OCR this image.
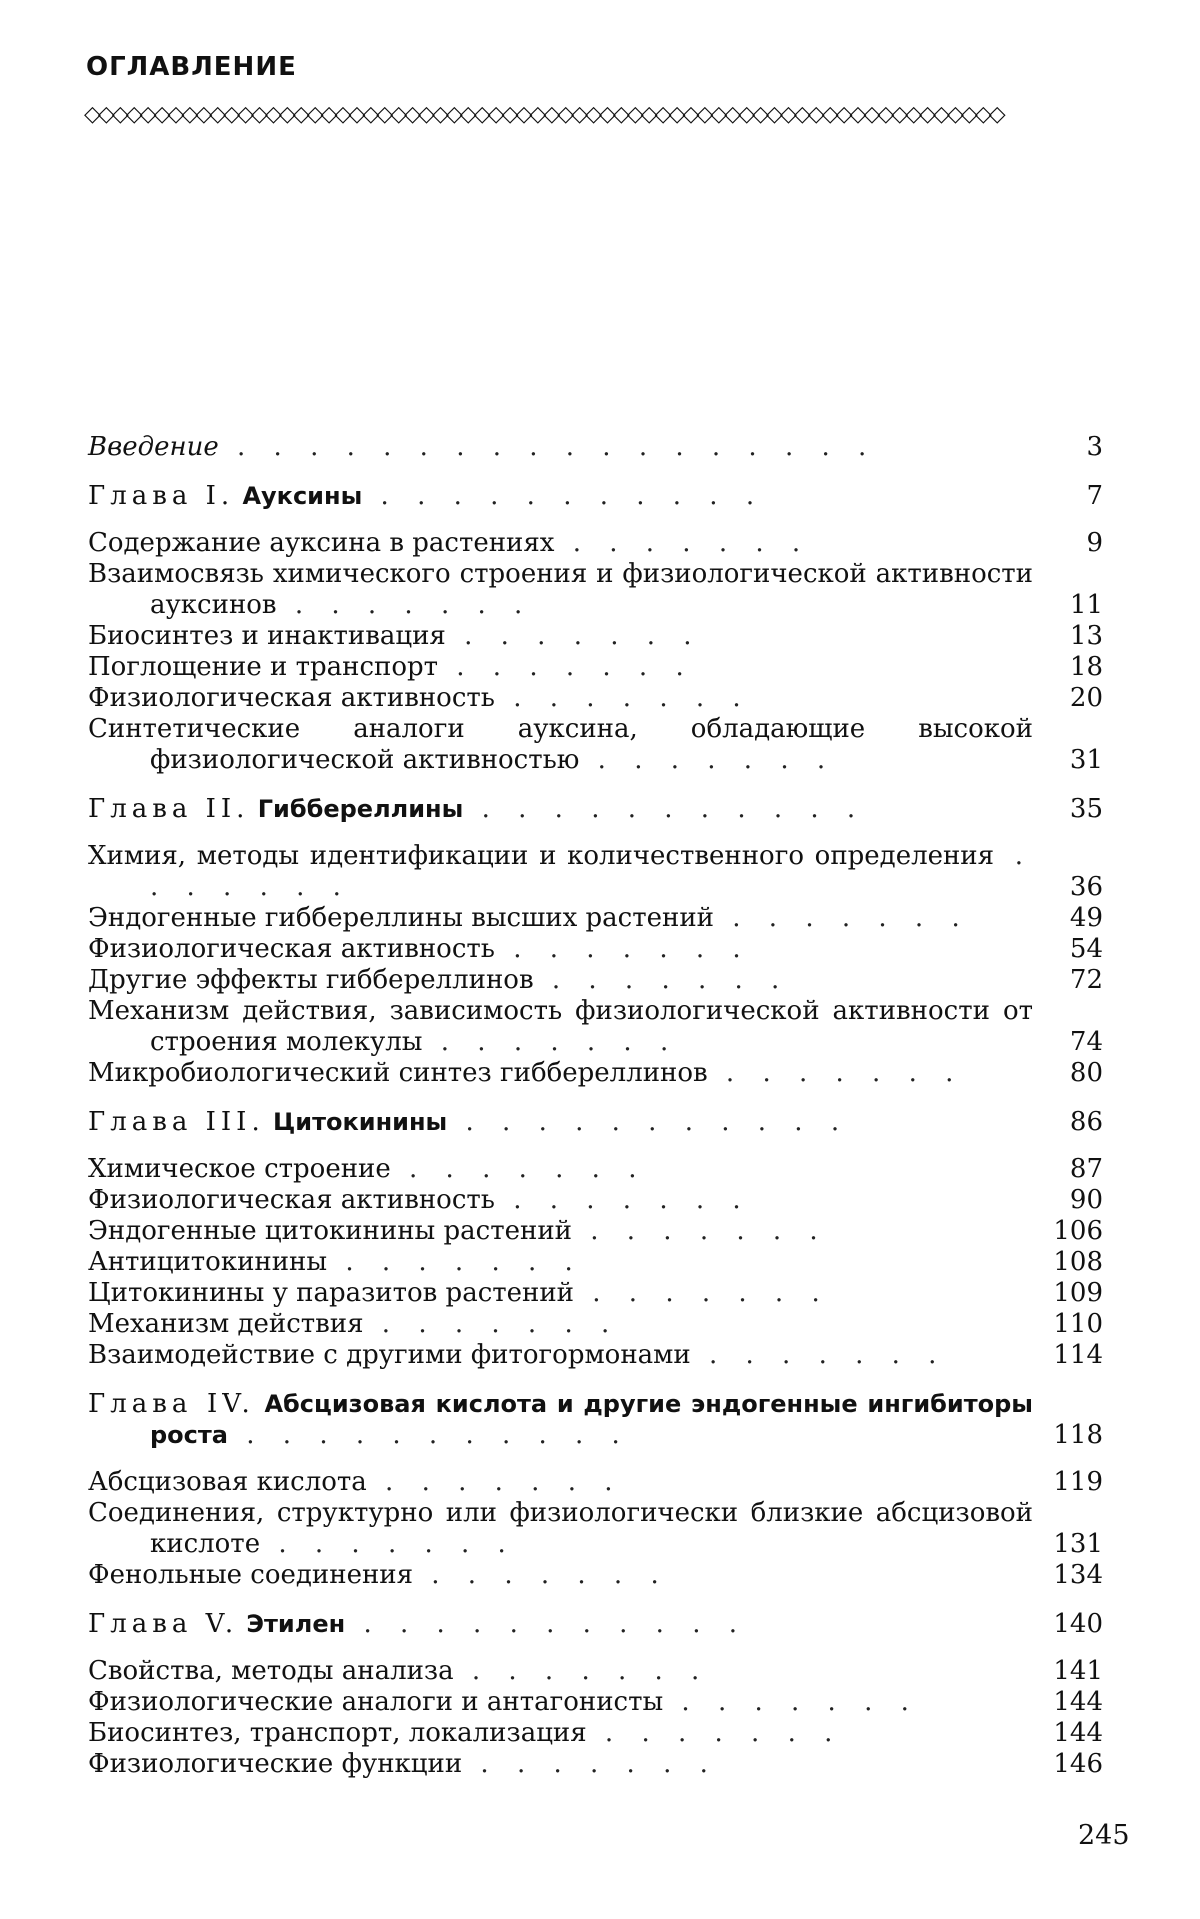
ОГЛАВЛЕНИЕ
◇◇◇◇◇◇◇◇◇◇◇◇◇◇◇◇◇◇◇◇◇◇◇◇◇◇◇◇◇◇◇◇◇◇◇◇◇◇◇◇◇◇◇◇◇◇◇◇◇◇◇◇◇◇◇◇◇◇◇◇◇◇◇◇◇◇
Введение . . . . . . . . . . . . . . . . . .	3
Глава I. Ауксины . . . . . . . . . . .	7
Содержание ауксина в растениях . . . . . . .	9
Взаимосвязь химического строения и физиологической активности ауксинов . . . . . . .	11
Биосинтез и инактивация . . . . . . .	13
Поглощение и транспорт . . . . . . .	18
Физиологическая активность . . . . . . .	20
Синтетические аналоги ауксина, обладающие высокой физиологической активностью . . . . . . .	31
Глава II. Гиббереллины . . . . . . . . . . .	35
Химия, методы идентификации и количественного определения . . . . . . .	36
Эндогенные гиббереллины высших растений . . . . . . .	49
Физиологическая активность . . . . . . .	54
Другие эффекты гиббереллинов . . . . . . .	72
Механизм действия, зависимость физиологической активности от строения молекулы . . . . . . .	74
Микробиологический синтез гиббереллинов . . . . . . .	80
Глава III. Цитокинины . . . . . . . . . . .	86
Химическое строение . . . . . . .	87
Физиологическая активность . . . . . . .	90
Эндогенные цитокинины растений . . . . . . .	106
Антицитокинины . . . . . . .	108
Цитокинины у паразитов растений . . . . . . .	109
Механизм действия . . . . . . .	110
Взаимодействие с другими фитогормонами . . . . . . .	114
Глава IV. Абсцизовая кислота и другие эндогенные ингибиторы роста . . . . . . . . . . .	118
Абсцизовая кислота . . . . . . .	119
Соединения, структурно или физиологически близкие абсцизовой кислоте . . . . . . .	131
Фенольные соединения . . . . . . .	134
Глава V. Этилен . . . . . . . . . . .	140
Свойства, методы анализа . . . . . . .	141
Физиологические аналоги и антагонисты . . . . . . .	144
Биосинтез, транспорт, локализация . . . . . . .	144
Физиологические функции . . . . . . .	146
245
